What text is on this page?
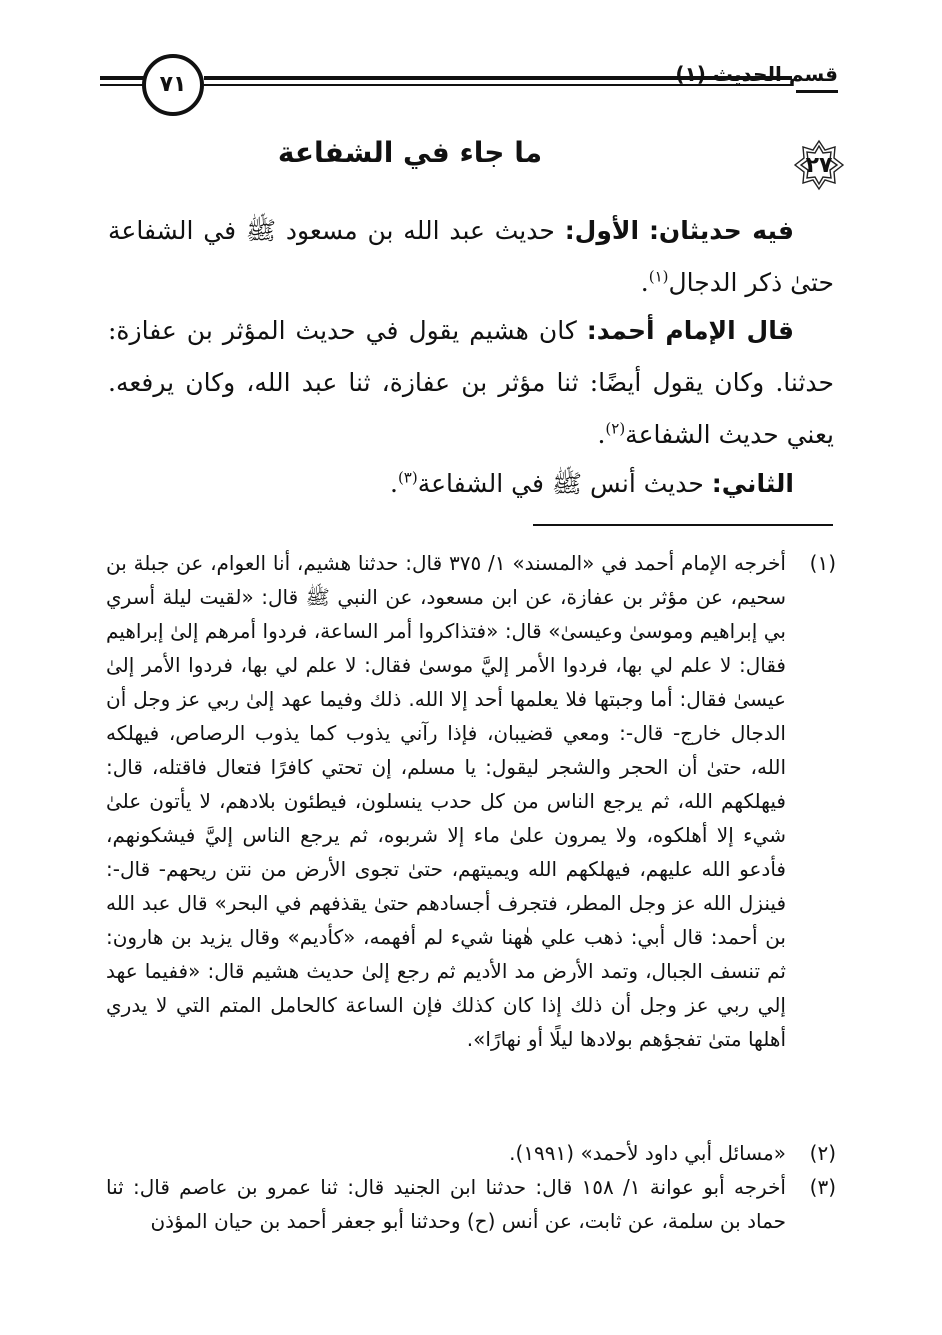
قسم الحديث (١)
٧١
٢٧
ما جاء في الشفاعة
فيه حديثان: الأول: حديث عبد الله بن مسعود ﷺ في الشفاعة حتىٰ ذكر الدجال$^{(١)}$.
قال الإمام أحمد: كان هشيم يقول في حديث المؤثر بن عفازة: حدثنا. وكان يقول أيضًا: ثنا مؤثر بن عفازة، ثنا عبد الله، وكان يرفعه. يعني حديث الشفاعة$^{(٢)}$.
الثاني: حديث أنس ﷺ في الشفاعة$^{(٣)}$.
(١)
أخرجه الإمام أحمد في «المسند» ١/ ٣٧٥ قال: حدثنا هشيم، أنا العوام، عن جبلة بن سحيم، عن مؤثر بن عفازة، عن ابن مسعود، عن النبي ﷺ قال: «لقيت ليلة أسري بي إبراهيم وموسىٰ وعيسىٰ» قال: «فتذاكروا أمر الساعة، فردوا أمرهم إلىٰ إبراهيم فقال: لا علم لي بها، فردوا الأمر إليَّ موسىٰ فقال: لا علم لي بها، فردوا الأمر إلىٰ عيسىٰ فقال: أما وجبتها فلا يعلمها أحد إلا الله. ذلك وفيما عهد إلىٰ ربي عز وجل أن الدجال خارج- قال-: ومعي قضيبان، فإذا رآني يذوب كما يذوب الرصاص، فيهلكه الله، حتىٰ أن الحجر والشجر ليقول: يا مسلم، إن تحتي كافرًا فتعال فاقتله، قال: فيهلكهم الله، ثم يرجع الناس من كل حدب ينسلون، فيطئون بلادهم، لا يأتون علىٰ شيء إلا أهلكوه، ولا يمرون علىٰ ماء إلا شربوه، ثم يرجع الناس إليَّ فيشكونهم، فأدعو الله عليهم، فيهلكهم الله ويميتهم، حتىٰ تجوى الأرض من نتن ريحهم- قال-: فينزل الله عز وجل المطر، فتجرف أجسادهم حتىٰ يقذفهم في البحر» قال عبد الله بن أحمد: قال أبي: ذهب علي هٰهنا شيء لم أفهمه، «كأديم» وقال يزيد بن هارون: ثم تنسف الجبال، وتمد الأرض مد الأديم ثم رجع إلىٰ حديث هشيم قال: «ففيما عهد إلي ربي عز وجل أن ذلك إذا كان كذلك فإن الساعة كالحامل المتم التي لا يدري أهلها متىٰ تفجؤهم بولادها ليلًا أو نهارًا».
(٢)
«مسائل أبي داود لأحمد» (١٩٩١).
(٣)
أخرجه أبو عوانة ١/ ١٥٨ قال: حدثنا ابن الجنيد قال: ثنا عمرو بن عاصم قال: ثنا حماد بن سلمة، عن ثابت، عن أنس (ح) وحدثنا أبو جعفر أحمد بن حيان المؤذن
